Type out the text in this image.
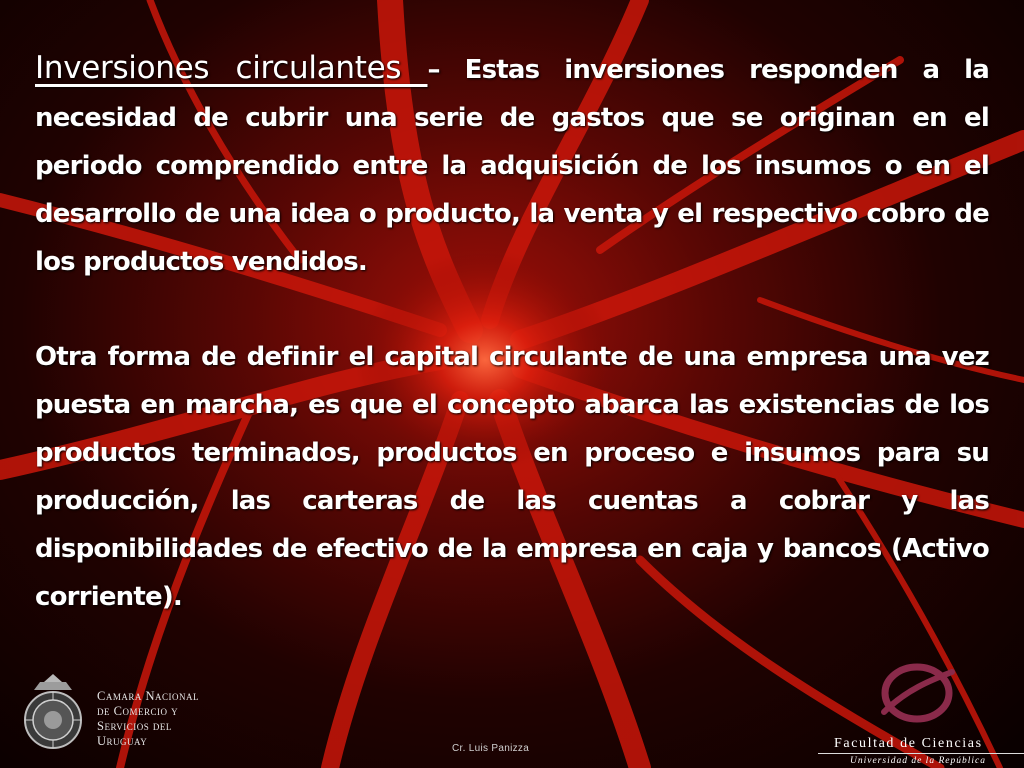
Inversiones circulantes – Estas inversiones responden a la necesidad de cubrir una serie de gastos que se originan en el periodo comprendido entre la adquisición de los insumos o en el desarrollo de una idea o producto, la venta y el respectivo cobro de los productos vendidos.

Otra forma de definir el capital circulante de una empresa una vez puesta en marcha, es que el concepto abarca las existencias de los productos terminados, productos en proceso e insumos para su producción, las carteras de las cuentas a cobrar y las disponibilidades de efectivo de la empresa en caja y bancos (Activo corriente).

Camara Nacional
de Comercio y
Servicios del
Uruguay
Cr. Luis Panizza	Facultad de Ciencias
Universidad de la República
